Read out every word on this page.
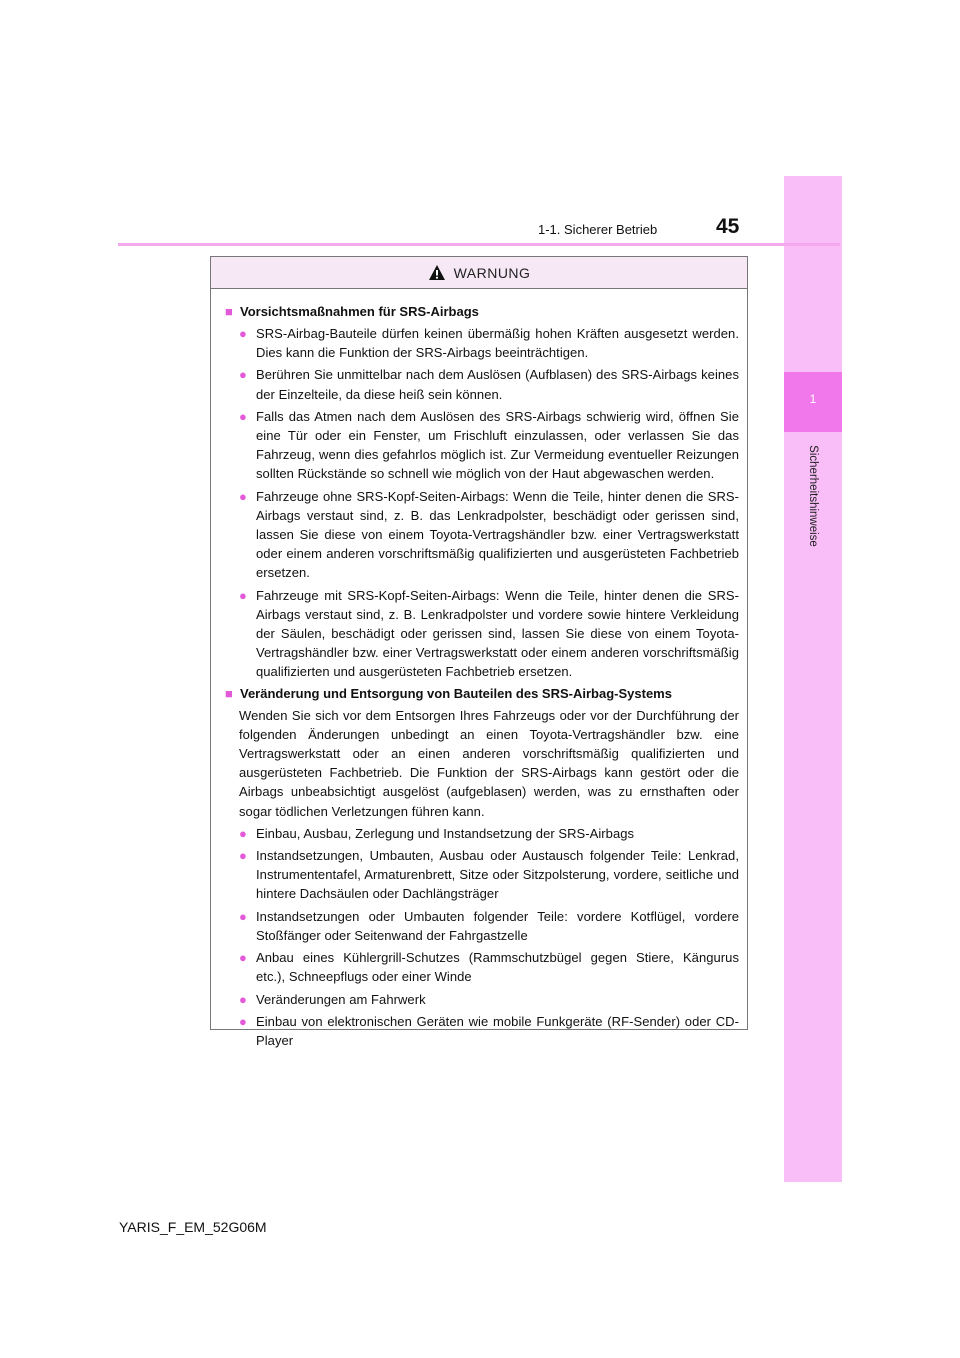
1
Sicherheitshinweise
1-1. Sicherer Betrieb	45
WARNUNG
■ Vorsichtsmaßnahmen für SRS-Airbags
● SRS-Airbag-Bauteile dürfen keinen übermäßig hohen Kräften ausgesetzt werden. Dies kann die Funktion der SRS-Airbags beeinträchtigen.
● Berühren Sie unmittelbar nach dem Auslösen (Aufblasen) des SRS-Airbags keines der Einzelteile, da diese heiß sein können.
● Falls das Atmen nach dem Auslösen des SRS-Airbags schwierig wird, öffnen Sie eine Tür oder ein Fenster, um Frischluft einzulassen, oder verlassen Sie das Fahrzeug, wenn dies gefahrlos möglich ist. Zur Vermeidung eventueller Reizungen sollten Rückstände so schnell wie möglich von der Haut abgewaschen werden.
● Fahrzeuge ohne SRS-Kopf-Seiten-Airbags: Wenn die Teile, hinter denen die SRS-Airbags verstaut sind, z. B. das Lenkradpolster, beschädigt oder gerissen sind, lassen Sie diese von einem Toyota-Vertragshändler bzw. einer Vertragswerkstatt oder einem anderen vorschriftsmäßig qualifizierten und ausgerüsteten Fachbetrieb ersetzen.
● Fahrzeuge mit SRS-Kopf-Seiten-Airbags: Wenn die Teile, hinter denen die SRS-Airbags verstaut sind, z. B. Lenkradpolster und vordere sowie hintere Verkleidung der Säulen, beschädigt oder gerissen sind, lassen Sie diese von einem Toyota-Vertragshändler bzw. einer Vertragswerkstatt oder einem anderen vorschriftsmäßig qualifizierten und ausgerüsteten Fachbetrieb ersetzen.
■ Veränderung und Entsorgung von Bauteilen des SRS-Airbag-Systems
Wenden Sie sich vor dem Entsorgen Ihres Fahrzeugs oder vor der Durchführung der folgenden Änderungen unbedingt an einen Toyota-Vertragshändler bzw. eine Vertragswerkstatt oder an einen anderen vorschriftsmäßig qualifizierten und ausgerüsteten Fachbetrieb. Die Funktion der SRS-Airbags kann gestört oder die Airbags unbeabsichtigt ausgelöst (aufgeblasen) werden, was zu ernsthaften oder sogar tödlichen Verletzungen führen kann.
● Einbau, Ausbau, Zerlegung und Instandsetzung der SRS-Airbags
● Instandsetzungen, Umbauten, Ausbau oder Austausch folgender Teile: Lenkrad, Instrumententafel, Armaturenbrett, Sitze oder Sitzpolsterung, vordere, seitliche und hintere Dachsäulen oder Dachlängsträger
● Instandsetzungen oder Umbauten folgender Teile: vordere Kotflügel, vordere Stoßfänger oder Seitenwand der Fahrgastzelle
● Anbau eines Kühlergrill-Schutzes (Rammschutzbügel gegen Stiere, Kängurus etc.), Schneepflugs oder einer Winde
● Veränderungen am Fahrwerk
● Einbau von elektronischen Geräten wie mobile Funkgeräte (RF-Sender) oder CD-Player
YARIS_F_EM_52G06M
